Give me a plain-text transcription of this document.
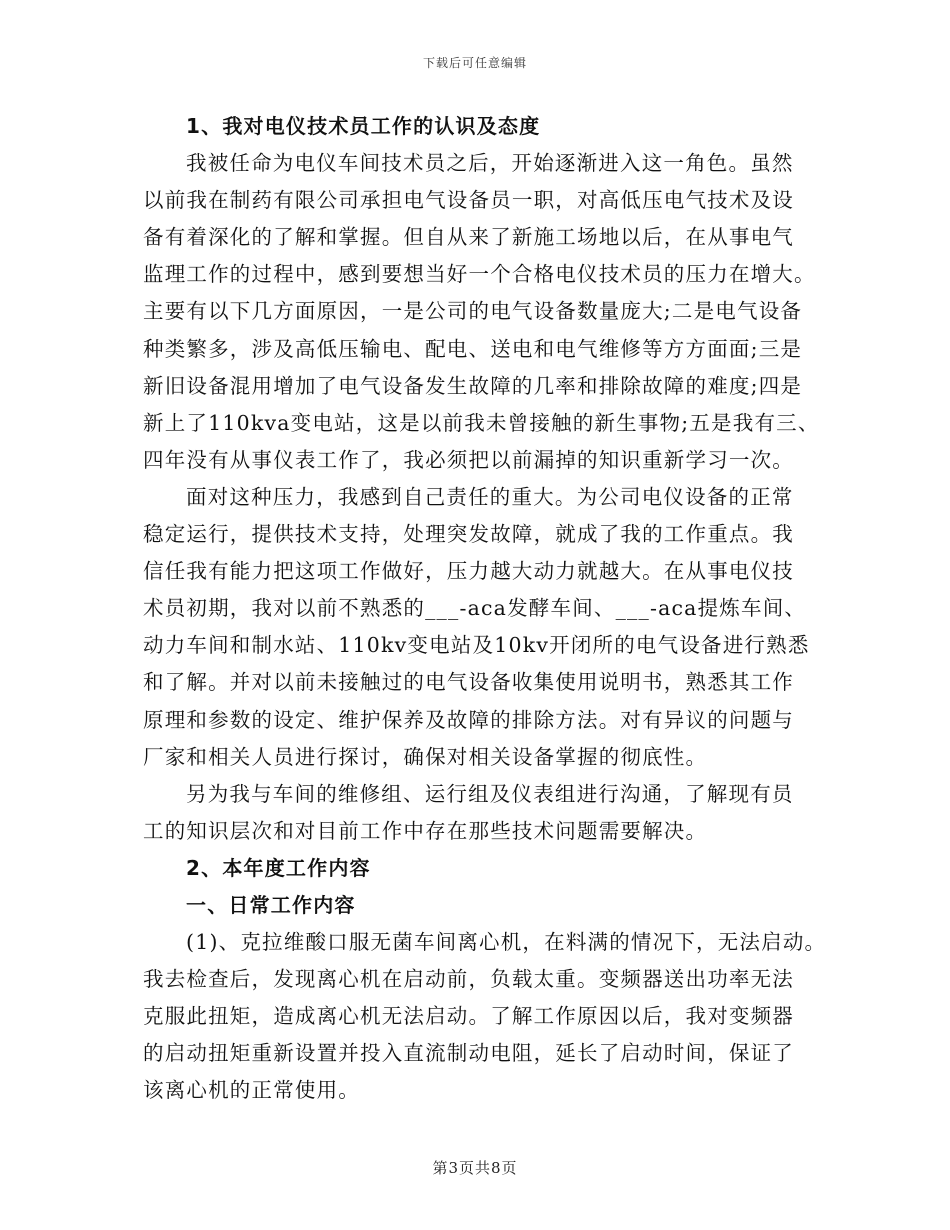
下载后可任意编辑
1、我对电仪技术员工作的认识及态度
我被任命为电仪车间技术员之后，开始逐渐进入这一角色。虽然
以前我在制药有限公司承担电气设备员一职，对高低压电气技术及设
备有着深化的了解和掌握。但自从来了新施工场地以后，在从事电气
监理工作的过程中，感到要想当好一个合格电仪技术员的压力在增大。
主要有以下几方面原因，一是公司的电气设备数量庞大;二是电气设备
种类繁多，涉及高低压输电、配电、送电和电气维修等方方面面;三是
新旧设备混用增加了电气设备发生故障的几率和排除故障的难度;四是
新上了110kva变电站，这是以前我未曾接触的新生事物;五是我有三、
四年没有从事仪表工作了，我必须把以前漏掉的知识重新学习一次。
面对这种压力，我感到自己责任的重大。为公司电仪设备的正常
稳定运行，提供技术支持，处理突发故障，就成了我的工作重点。我
信任我有能力把这项工作做好，压力越大动力就越大。在从事电仪技
术员初期，我对以前不熟悉的___-aca发酵车间、___-aca提炼车间、
动力车间和制水站、110kv变电站及10kv开闭所的电气设备进行熟悉
和了解。并对以前未接触过的电气设备收集使用说明书，熟悉其工作
原理和参数的设定、维护保养及故障的排除方法。对有异议的问题与
厂家和相关人员进行探讨，确保对相关设备掌握的彻底性。
另为我与车间的维修组、运行组及仪表组进行沟通，了解现有员
工的知识层次和对目前工作中存在那些技术问题需要解决。
2、本年度工作内容
一、日常工作内容
(1)、克拉维酸口服无菌车间离心机，在料满的情况下，无法启动。
我去检查后，发现离心机在启动前，负载太重。变频器送出功率无法
克服此扭矩，造成离心机无法启动。了解工作原因以后，我对变频器
的启动扭矩重新设置并投入直流制动电阻，延长了启动时间，保证了
该离心机的正常使用。
第3页共8页
